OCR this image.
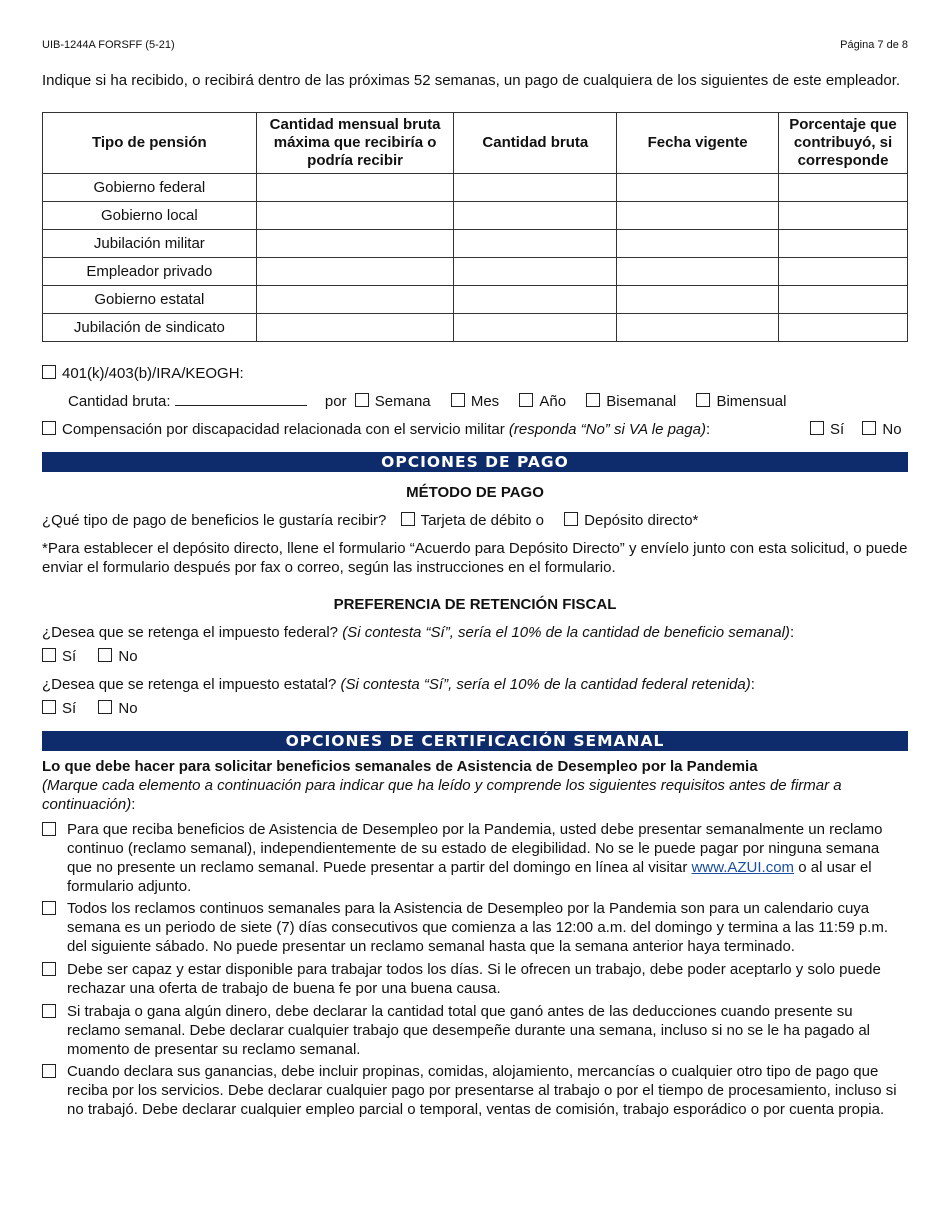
UIB-1244A FORSFF (5-21)	Página 7 de 8
Indique si ha recibido, o recibirá dentro de las próximas 52 semanas, un pago de cualquiera de los siguientes de este empleador.
Tipo de pensión	Cantidad mensual bruta máxima que recibiría o podría recibir	Cantidad bruta	Fecha vigente	Porcentaje que contribuyó, si corresponde
Gobierno federal				
Gobierno local				
Jubilación militar				
Empleador privado				
Gobierno estatal				
Jubilación de sindicato				
401(k)/403(b)/IRA/KEOGH:
Cantidad bruta:	por Semana	Mes	Año	Bisemanal	Bimensual
Compensación por discapacidad relacionada con el servicio militar (responda “No” si VA le paga):	Sí	No
OPCIONES DE PAGO
MÉTODO DE PAGO
¿Qué tipo de pago de beneficios le gustaría recibir? Tarjeta de débito o	Depósito directo*
*Para establecer el depósito directo, llene el formulario “Acuerdo para Depósito Directo” y envíelo junto con esta solicitud, o puede enviar el formulario después por fax o correo, según las instrucciones en el formulario.
PREFERENCIA DE RETENCIÓN FISCAL
¿Desea que se retenga el impuesto federal? (Si contesta “Sí”, sería el 10% de la cantidad de beneficio semanal):
Sí	No
¿Desea que se retenga el impuesto estatal? (Si contesta “Sí”, sería el 10% de la cantidad federal retenida):
Sí	No
OPCIONES DE CERTIFICACIÓN SEMANAL
Lo que debe hacer para solicitar beneficios semanales de Asistencia de Desempleo por la Pandemia
(Marque cada elemento a continuación para indicar que ha leído y comprende los siguientes requisitos antes de firmar a continuación):
Para que reciba beneficios de Asistencia de Desempleo por la Pandemia, usted debe presentar semanalmente un reclamo continuo (reclamo semanal), independientemente de su estado de elegibilidad. No se le puede pagar por ninguna semana que no presente un reclamo semanal. Puede presentar a partir del domingo en línea al visitar www.AZUI.com o al usar el formulario adjunto.
Todos los reclamos continuos semanales para la Asistencia de Desempleo por la Pandemia son para un calendario cuya semana es un periodo de siete (7) días consecutivos que comienza a las 12:00 a.m. del domingo y termina a las 11:59 p.m. del siguiente sábado. No puede presentar un reclamo semanal hasta que la semana anterior haya terminado.
Debe ser capaz y estar disponible para trabajar todos los días. Si le ofrecen un trabajo, debe poder aceptarlo y solo puede rechazar una oferta de trabajo de buena fe por una buena causa.
Si trabaja o gana algún dinero, debe declarar la cantidad total que ganó antes de las deducciones cuando presente su reclamo semanal. Debe declarar cualquier trabajo que desempeñe durante una semana, incluso si no se le ha pagado al momento de presentar su reclamo semanal.
Cuando declara sus ganancias, debe incluir propinas, comidas, alojamiento, mercancías o cualquier otro tipo de pago que reciba por los servicios. Debe declarar cualquier pago por presentarse al trabajo o por el tiempo de procesamiento, incluso si no trabajó. Debe declarar cualquier empleo parcial o temporal, ventas de comisión, trabajo esporádico o por cuenta propia.
